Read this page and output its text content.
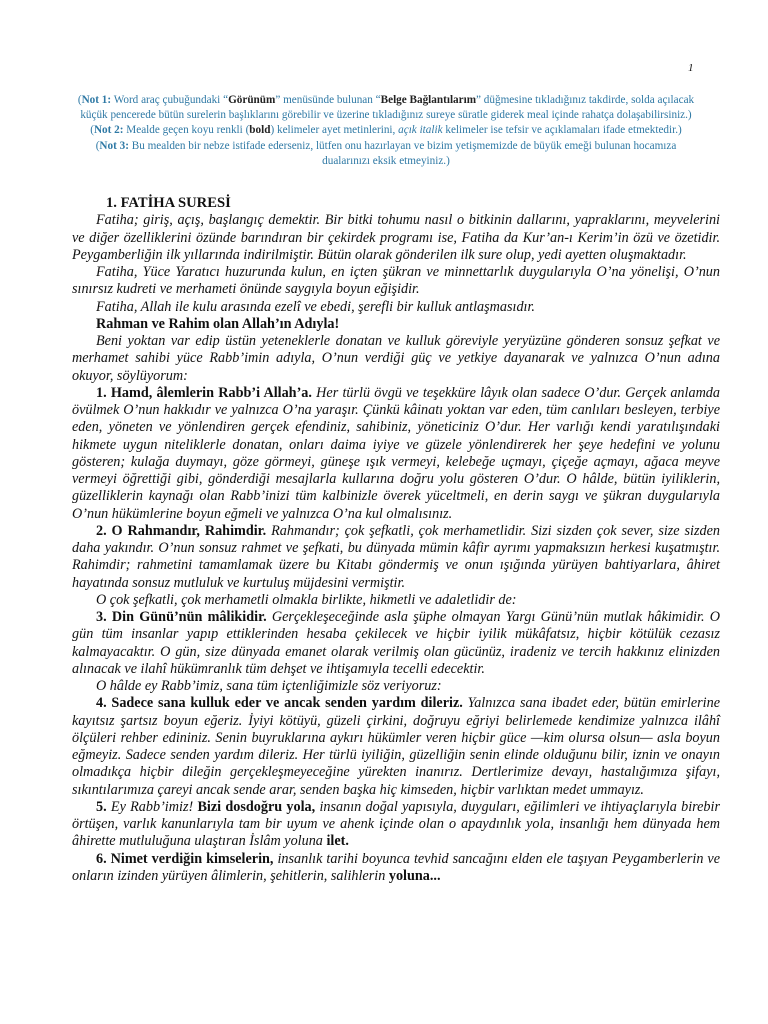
1

(Not 1: Word araç çubuğundaki “Görünüm” menüsünde bulunan “Belge Bağlantılarım” düğmesine tıkladığınız takdirde, solda açılacak küçük pencerede bütün surelerin başlıklarını görebilir ve üzerine tıkladığınız sureye süratle giderek meal içinde rahatça dolaşabilirsiniz.)

(Not 2: Mealde geçen koyu renkli (bold) kelimeler ayet metinlerini, açık italik kelimeler ise tefsir ve açıklamaları ifade etmektedir.)

(Not 3: Bu mealden bir nebze istifade ederseniz, lütfen onu hazırlayan ve bizim yetişmemizde de büyük emeği bulunan hocamıza dualarınızı eksik etmeyiniz.)

1. FATİHA SURESİ

Fatiha; giriş, açış, başlangıç demektir. Bir bitki tohumu nasıl o bitkinin dallarını, yapraklarını, meyvelerini ve diğer özelliklerini özünde barındıran bir çekirdek programı ise, Fatiha da Kur’an-ı Kerim’in özü ve özetidir. Peygamberliğin ilk yıllarında indirilmiştir. Bütün olarak gönderilen ilk sure olup, yedi ayetten oluşmaktadır.

Fatiha, Yüce Yaratıcı huzurunda kulun, en içten şükran ve minnettarlık duygularıyla O’na yönelişi, O’nun sınırsız kudreti ve merhameti önünde saygıyla boyun eğişidir.

Fatiha, Allah ile kulu arasında ezelî ve ebedi, şerefli bir kulluk antlaşmasıdır.

Rahman ve Rahim olan Allah’ın Adıyla!

Beni yoktan var edip üstün yeteneklerle donatan ve kulluk göreviyle yeryüzüne gönderen sonsuz şefkat ve merhamet sahibi yüce Rabb’imin adıyla, O’nun verdiği güç ve yetkiye dayanarak ve yalnızca O’nun adına okuyor, söylüyorum:

1. Hamd, âlemlerin Rabb’i Allah’a. Her türlü övgü ve teşekküre lâyık olan sadece O’dur. Gerçek anlamda övülmek O’nun hakkıdır ve yalnızca O’na yaraşır. Çünkü kâinatı yoktan var eden, tüm canlıları besleyen, terbiye eden, yöneten ve yönlendiren gerçek efendiniz, sahibiniz, yöneticiniz O’dur. Her varlığı kendi yaratılışındaki hikmete uygun niteliklerle donatan, onları daima iyiye ve güzele yönlendirerek her şeye hedefini ve yolunu gösteren; kulağa duymayı, göze görmeyi, güneşe ışık vermeyi, kelebeğe uçmayı, çiçeğe açmayı, ağaca meyve vermeyi öğrettiği gibi, gönderdiği mesajlarla kullarına doğru yolu gösteren O’dur. O hâlde, bütün iyiliklerin, güzelliklerin kaynağı olan Rabb’inizi tüm kalbinizle överek yüceltmeli, en derin saygı ve şükran duygularıyla O’nun hükümlerine boyun eğmeli ve yalnızca O’na kul olmalısınız.

2. O Rahmandır, Rahimdir. Rahmandır; çok şefkatli, çok merhametlidir. Sizi sizden çok sever, size sizden daha yakındır. O’nun sonsuz rahmet ve şefkati, bu dünyada mümin kâfir ayrımı yapmaksızın herkesi kuşatmıştır. Rahimdir; rahmetini tamamlamak üzere bu Kitabı göndermiş ve onun ışığında yürüyen bahtiyarlara, âhiret hayatında sonsuz mutluluk ve kurtuluş müjdesini vermiştir.

O çok şefkatli, çok merhametli olmakla birlikte, hikmetli ve adaletlidir de:

3. Din Günü’nün mâlikidir. Gerçekleşeceğinde asla şüphe olmayan Yargı Günü’nün mutlak hâkimidir. O gün tüm insanlar yapıp ettiklerinden hesaba çekilecek ve hiçbir iyilik mükâfatsız, hiçbir kötülük cezasız kalmayacaktır. O gün, size dünyada emanet olarak verilmiş olan gücünüz, iradeniz ve tercih hakkınız elinizden alınacak ve ilahî hükümranlık tüm dehşet ve ihtişamıyla tecelli edecektir.

O hâlde ey Rabb’imiz, sana tüm içtenliğimizle söz veriyoruz:

4. Sadece sana kulluk eder ve ancak senden yardım dileriz. Yalnızca sana ibadet eder, bütün emirlerine kayıtsız şartsız boyun eğeriz. İyiyi kötüyü, güzeli çirkini, doğruyu eğriyi belirlemede kendimize yalnızca ilâhî ölçüleri rehber edininiz. Senin buyruklarına aykırı hükümler veren hiçbir güce —kim olursa olsun— asla boyun eğmeyiz. Sadece senden yardım dileriz. Her türlü iyiliğin, güzelliğin senin elinde olduğunu bilir, iznin ve onayın olmadıkça hiçbir dileğin gerçekleşmeyeceğine yürekten inanırız. Dertlerimize devayı, hastalığımıza şifayı, sıkıntılarımıza çareyi ancak sende arar, senden başka hiç kimseden, hiçbir varlıktan medet ummayız.

5. Ey Rabb’imiz! Bizi dosdoğru yola, insanın doğal yapısıyla, duyguları, eğilimleri ve ihtiyaçlarıyla birebir örtüşen, varlık kanunlarıyla tam bir uyum ve ahenk içinde olan o apaydınlık yola, insanlığı hem dünyada hem âhirette mutluluğuna ulaştıran İslâm yoluna ilet.

6. Nimet verdiğin kimselerin, insanlık tarihi boyunca tevhid sancağını elden ele taşıyan Peygamberlerin ve onların izinden yürüyen âlimlerin, şehitlerin, salihlerin yoluna...
